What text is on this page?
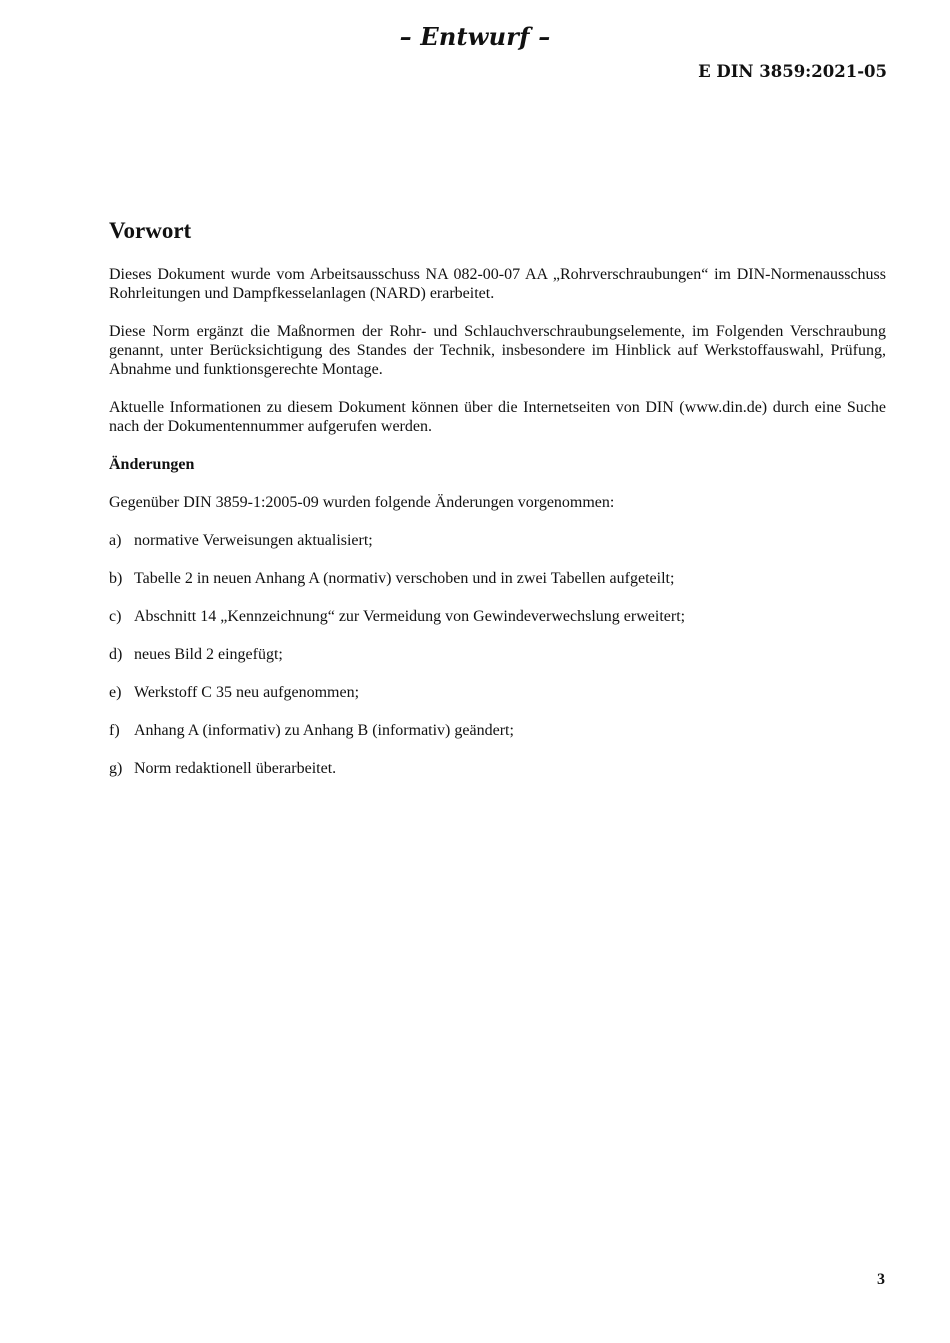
– Entwurf –
E DIN 3859:2021-05
Vorwort

Dieses Dokument wurde vom Arbeitsausschuss NA 082-00-07 AA „Rohrverschraubungen“ im DIN-Normenausschuss Rohrleitungen und Dampfkesselanlagen (NARD) erarbeitet.

Diese Norm ergänzt die Maßnormen der Rohr- und Schlauchverschraubungselemente, im Folgenden Verschraubung genannt, unter Berücksichtigung des Standes der Technik, insbesondere im Hinblick auf Werkstoffauswahl, Prüfung, Abnahme und funktionsgerechte Montage.

Aktuelle Informationen zu diesem Dokument können über die Internetseiten von DIN (www.din.de) durch eine Suche nach der Dokumentennummer aufgerufen werden.

Änderungen

Gegenüber DIN 3859-1:2005-09 wurden folgende Änderungen vorgenommen:

a) normative Verweisungen aktualisiert;
b) Tabelle 2 in neuen Anhang A (normativ) verschoben und in zwei Tabellen aufgeteilt;
c) Abschnitt 14 „Kennzeichnung“ zur Vermeidung von Gewindeverwechslung erweitert;
d) neues Bild 2 eingefügt;
e) Werkstoff C 35 neu aufgenommen;
f) Anhang A (informativ) zu Anhang B (informativ) geändert;
g) Norm redaktionell überarbeitet.
3
